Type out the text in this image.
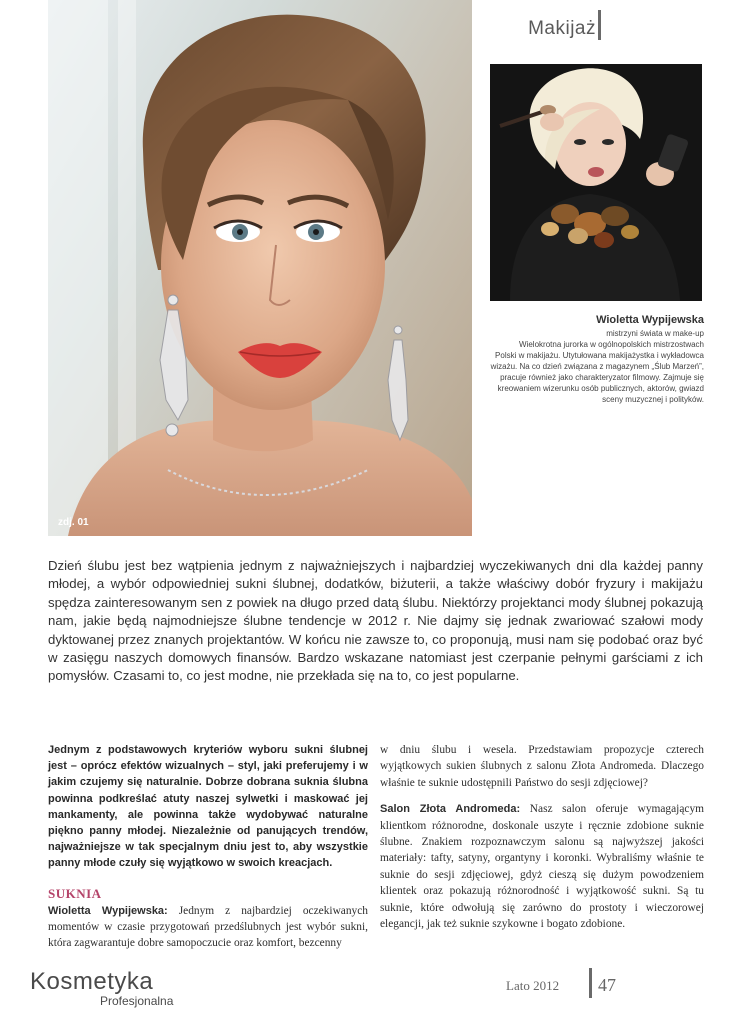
zdj. 01
Makijaż
Wioletta Wypijewska
mistrzyni świata w make-up
Wielokrotna jurorka w ogólnopolskich mistrzostwach
Polski w makijażu. Utytułowana makijażystka i wykładowca
wizażu. Na co dzień związana z magazynem „Ślub Marzeń”,
pracuje również jako charakteryzator filmowy. Zajmuje się
kreowaniem wizerunku osób publicznych, aktorów, gwiazd
sceny muzycznej i polityków.

Dzień ślubu jest bez wątpienia jednym z najważniejszych i najbardziej wyczekiwanych dni dla każdej panny młodej, a wybór odpowiedniej sukni ślubnej, dodatków, biżuterii, a także właściwy dobór fryzury i makijażu spędza zainteresowanym sen z powiek na długo przed datą ślubu. Niektórzy projektanci mody ślubnej pokazują nam, jakie będą najmodniejsze ślubne tendencje w 2012 r. Nie dajmy się jednak zwariować szałowi mody dyktowanej przez znanych projektantów. W końcu nie zawsze to, co proponują, musi nam się podobać oraz być w zasięgu naszych domowych finansów. Bardzo wskazane natomiast jest czerpanie pełnymi garściami z ich pomysłów. Czasami to, co jest modne, nie przekłada się na to, co jest popularne.

Jednym z podstawowych kryteriów wyboru sukni ślubnej jest – oprócz efektów wizualnych – styl, jaki preferujemy i w jakim czujemy się naturalnie. Dobrze dobrana suknia ślubna powinna podkreślać atuty naszej sylwetki i maskować jej mankamenty, ale powinna także wydobywać naturalne piękno panny młodej. Niezależnie od panujących trendów, najważniejsze w tak specjalnym dniu jest to, aby wszystkie panny młode czuły się wyjątkowo w swoich kreacjach.

SUKNIA

Wioletta Wypijewska: Jednym z najbardziej oczekiwanych momentów w czasie przygotowań przedślubnych jest wybór sukni, która zagwarantuje dobre samopoczucie oraz komfort, bezcenny

w dniu ślubu i wesela. Przedstawiam propozycje czterech wyjątkowych sukien ślubnych z salonu Złota Andromeda. Dlaczego właśnie te suknie udostępnili Państwo do sesji zdjęciowej?

Salon Złota Andromeda: Nasz salon oferuje wymagającym klientkom różnorodne, doskonale uszyte i ręcznie zdobione suknie ślubne. Znakiem rozpoznawczym salonu są najwyższej jakości materiały: tafty, satyny, organtyny i koronki. Wybraliśmy właśnie te suknie do sesji zdjęciowej, gdyż cieszą się dużym powodzeniem klientek oraz pokazują różnorodność i wyjątkowość sukni. Są tu suknie, które odwołują się zarówno do prostoty i wieczorowej elegancji, jak też suknie szykowne i bogato zdobione.

Kosmetyka
Profesjonalna
Lato 2012 47
